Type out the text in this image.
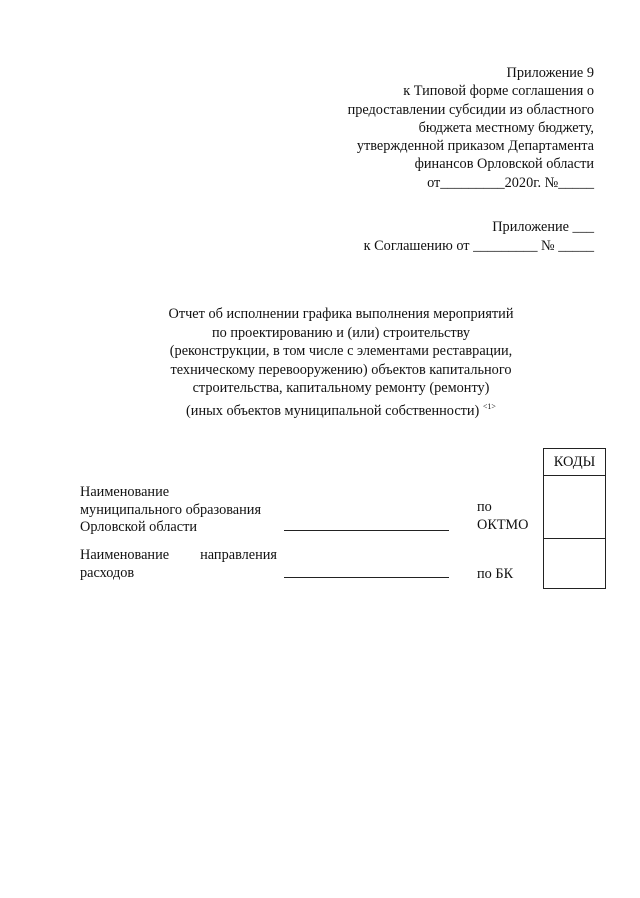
Приложение 9
к Типовой форме соглашения о
предоставлении субсидии из областного
бюджета местному бюджету,
утвержденной приказом Департамента
финансов Орловской области
от_________2020г. №_____
Приложение ___
к Соглашению от _________ № _____
Отчет об исполнении графика выполнения мероприятий
по проектированию и (или) строительству
(реконструкции, в том числе с элементами реставрации,
техническому перевооружению) объектов капитального
строительства, капитальному ремонту (ремонту)
(иных объектов муниципальной собственности) $^{<1>}$
КОДЫ
Наименование
муниципального образования
Орловской области
по
ОКТМО
Наименование направления
расходов	по БК
